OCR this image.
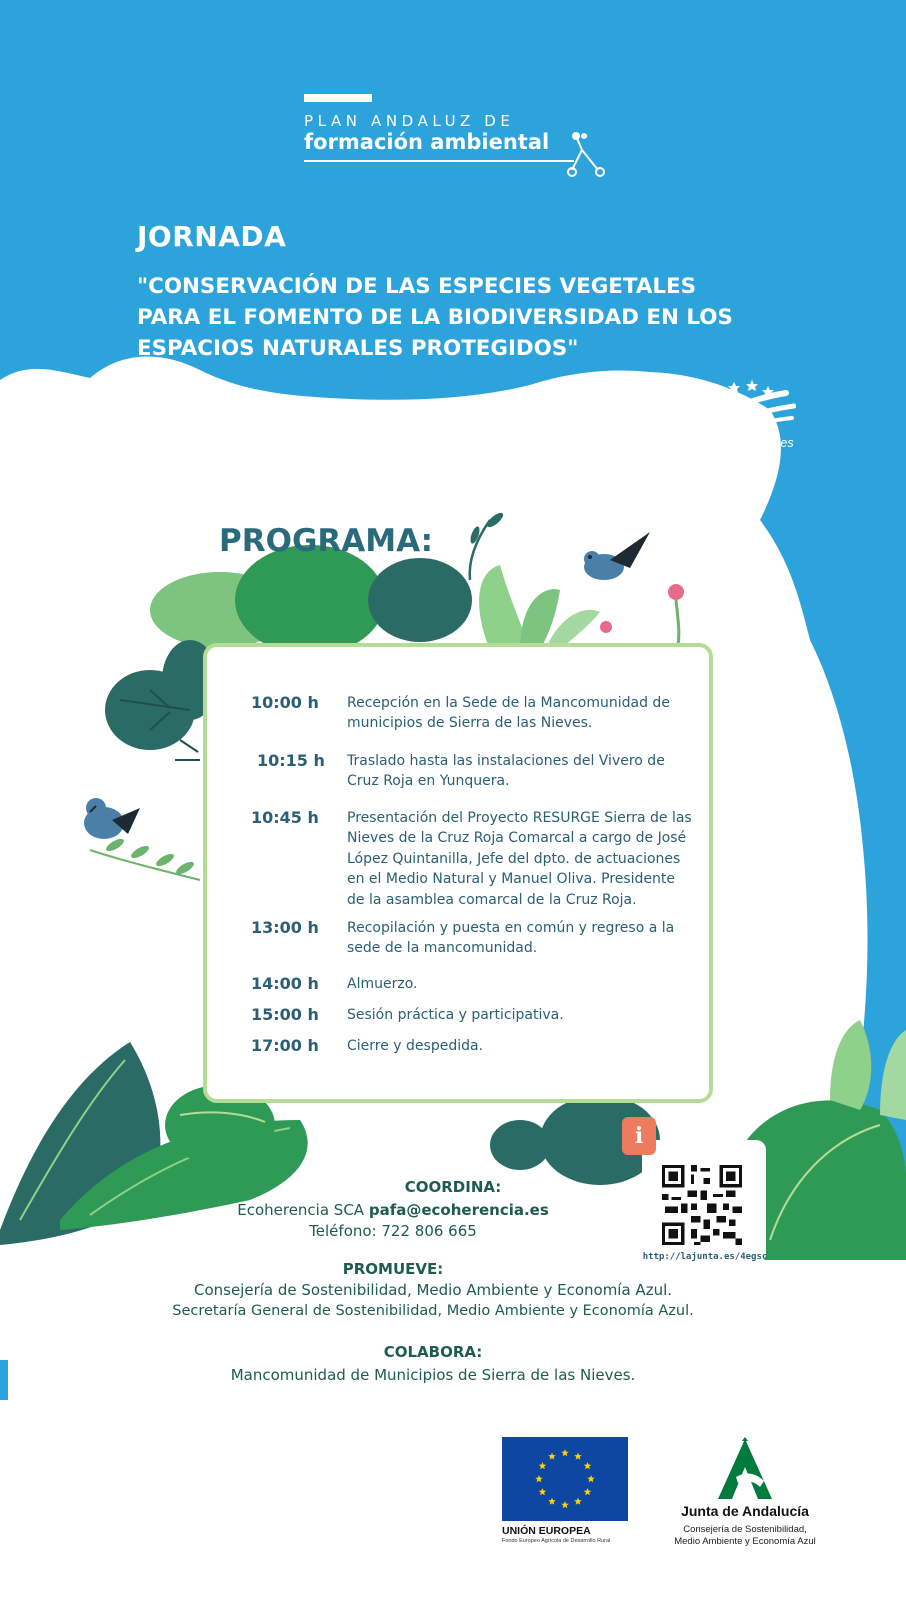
PLAN ANDALUZ DE
formación ambiental
JORNADA
"CONSERVACIÓN DE LAS ESPECIES VEGETALES
PARA EL FOMENTO DE LA BIODIVERSIDAD EN LOS
ESPACIOS NATURALES PROTEGIDOS"
Europa
invierte en las zonas rurales
PROGRAMA:
10:00 h	Recepción en la Sede de la Mancomunidad de
municipios de Sierra de las Nieves.
10:15 h	Traslado hasta las instalaciones del Vivero de
Cruz Roja en Yunquera.
10:45 h	Presentación del Proyecto RESURGE Sierra de las
Nieves de la Cruz Roja Comarcal a cargo de José
López Quintanilla, Jefe del dpto. de actuaciones
en el Medio Natural y Manuel Oliva. Presidente
de la asamblea comarcal de la Cruz Roja.
13:00 h	Recopilación y puesta en común y regreso a la
sede de la mancomunidad.
14:00 h	Almuerzo.
15:00 h	Sesión práctica y participativa.
17:00 h	Cierre y despedida.
i
http://lajunta.es/4egsc
COORDINA:
Ecoherencia SCA pafa@ecoherencia.es
Teléfono: 722 806 665
PROMUEVE:
Consejería de Sostenibilidad, Medio Ambiente y Economía Azul.
Secretaría General de Sostenibilidad, Medio Ambiente y Economía Azul.
COLABORA:
Mancomunidad de Municipios de Sierra de las Nieves.
UNIÓN EUROPEA
Fondo Europeo Agrícola de Desarrollo Rural
Junta de Andalucía
Consejería de Sostenibilidad,
Medio Ambiente y Economía Azul
